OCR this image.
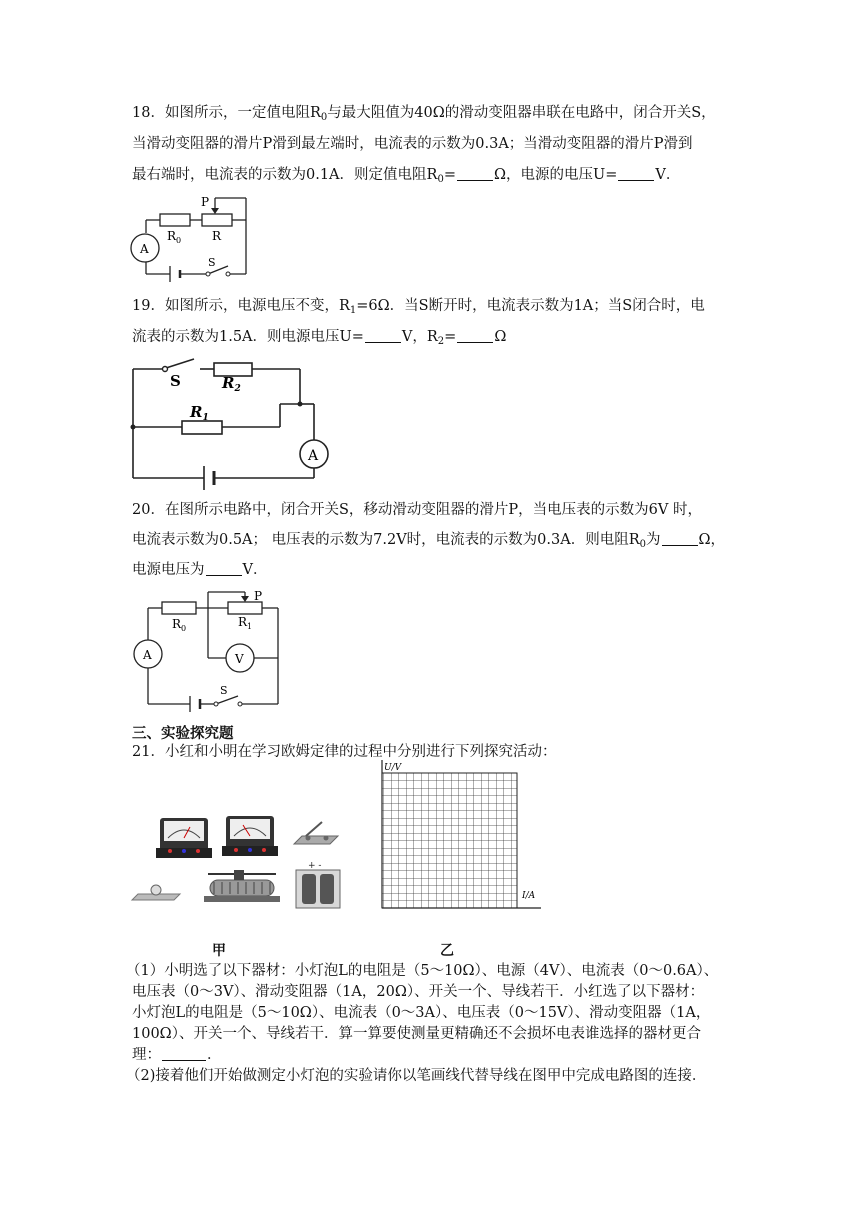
18．如图所示，一定值电阻$R_0$与最大阻值为40Ω的滑动变阻器串联在电路中，闭合开关S，
当滑动变阻器的滑片P滑到最左端时，电流表的示数为0.3A；当滑动变阻器的滑片P滑到
最右端时，电流表的示数为0.1A．则定值电阻$R_0=$	Ω，电源的电压U=	V．
P
$R_0$	R
A
S
19．如图所示，电源电压不变，$R_1=6\Omega$．当S断开时，电流表示数为1A；当S闭合时，电
流表的示数为1.5A．则电源电压U=	V，$R_2=$	Ω
S	$R_2$
$R_1$
A
20．在图所示电路中，闭合开关S，移动滑动变阻器的滑片P，当电压表的示数为6V 时，
电流表示数为0.5A； 电压表的示数为7.2V时，电流表的示数为0.3A．则电阻$R_0$为	Ω，
电源电压为	V．
P
$R_0$	$R_1$
A	V
S
三、实验探究题
21．小红和小明在学习欧姆定律的过程中分别进行下列探究活动：
+ -
U/V
I/A
甲	乙
（1）小明选了以下器材：小灯泡L的电阻是（5～10Ω）、电源（4V）、电流表（0～0.6A）、
电压表（0～3V）、滑动变阻器（1A，20Ω）、开关一个、导线若干．小红选了以下器材：
小灯泡L的电阻是（5～10Ω）、电流表（0～3A）、电压表（0～15V）、滑动变阻器（1A，
100Ω）、开关一个、导线若干．算一算要使测量更精确还不会损坏电表谁选择的器材更合
理：	．
（2)接着他们开始做测定小灯泡的实验请你以笔画线代替导线在图甲中完成电路图的连接．
